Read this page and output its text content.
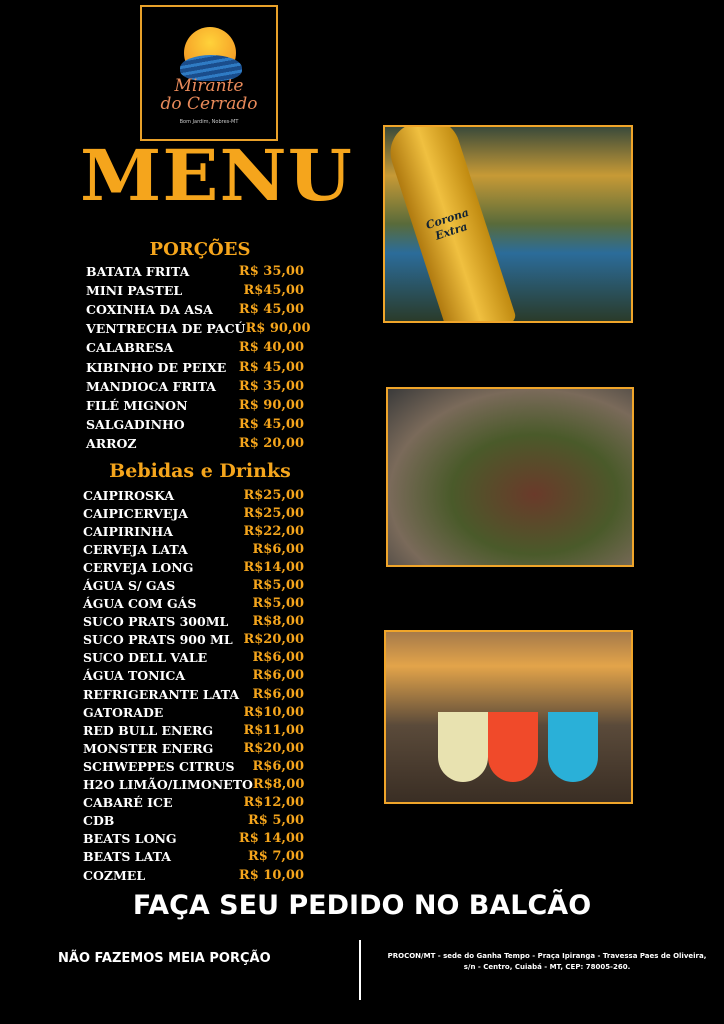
Mirante
do Cerrado
Bom Jardim, Nobres-MT
MENU
PORÇÕES
BATATA FRITA	R$ 35,00
MINI PASTEL	R$45,00
COXINHA DA ASA R$ 45,00
VENTRECHA DE PACÚ R$ 90,00
CALABRESA	R$ 40,00
KIBINHO DE PEIXE R$ 45,00
MANDIOCA FRITA R$ 35,00
FILÉ MIGNON	R$ 90,00
SALGADINHO	R$ 45,00
ARROZ	R$ 20,00
Bebidas e Drinks
CAIPIROSKA	R$25,00
CAIPICERVEJA	R$25,00
CAIPIRINHA	R$22,00
CERVEJA LATA	R$6,00
CERVEJA LONG	R$14,00
ÁGUA S/ GAS	R$5,00
ÁGUA COM GÁS	R$5,00
SUCO PRATS 300ML R$8,00
SUCO PRATS 900 ML R$20,00
SUCO DELL VALE	R$6,00
ÁGUA TONICA	R$6,00
REFRIGERANTE LATA R$6,00
GATORADE	R$10,00
RED BULL ENERG R$11,00
MONSTER ENERG R$20,00
SCHWEPPES CITRUS R$6,00
H2O LIMÃO/LIMONETO R$8,00
CABARÉ ICE	R$12,00
CDB	R$ 5,00
BEATS LONG	R$ 14,00
BEATS LATA	R$ 7,00
COZMEL	R$ 10,00
Corona Extra
FAÇA SEU PEDIDO NO BALCÃO
NÃO FAZEMOS MEIA PORÇÃO	PROCON/MT - sede do Ganha Tempo - Praça Ipiranga - Travessa Paes de Oliveira,
s/n - Centro, Cuiabá - MT, CEP: 78005-260.
